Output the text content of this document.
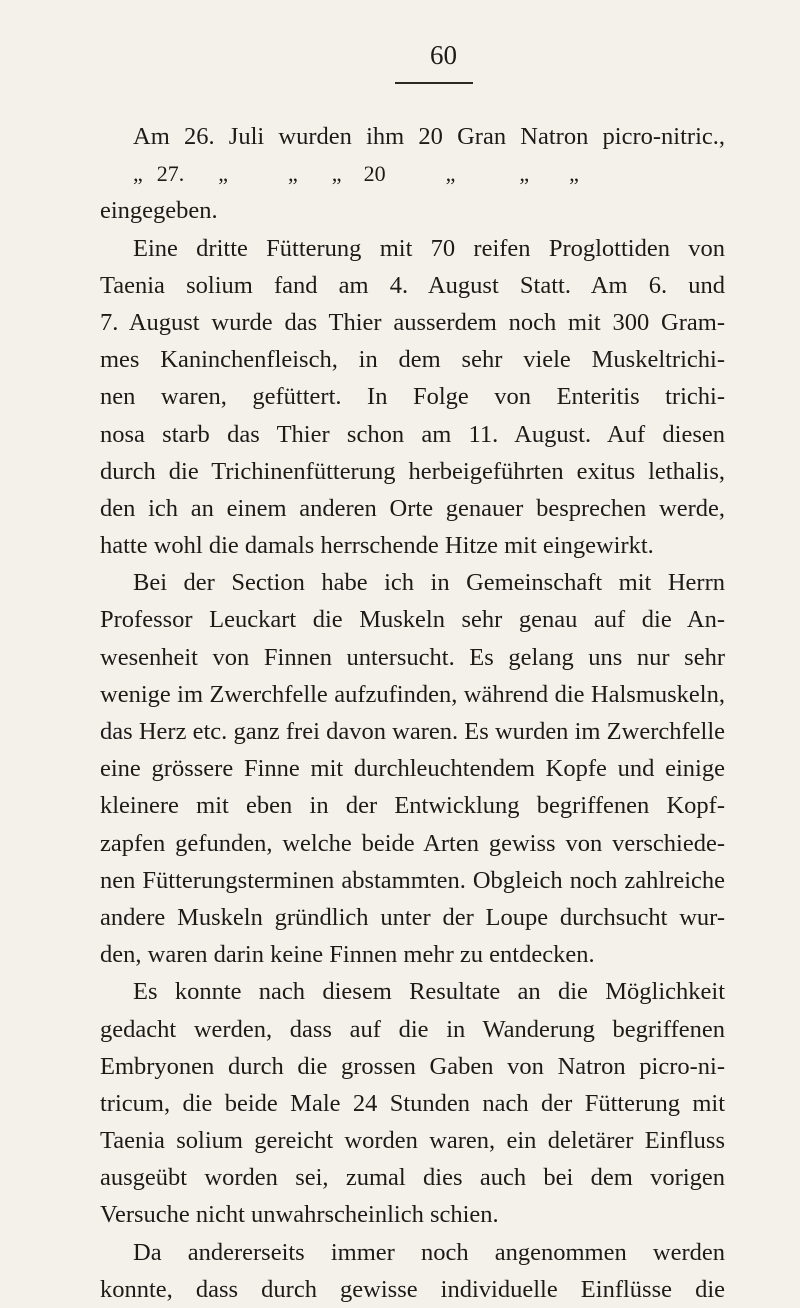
60
Am 26. Juli wurden ihm 20 Gran Natron picro-nitric.,
„ 27. „	„ „ 20	„	„ „
eingegeben.
Eine dritte Fütterung mit 70 reifen Proglottiden von
Taenia solium fand am 4. August Statt. Am 6. und
7. August wurde das Thier ausserdem noch mit 300 Gram-
mes Kaninchenfleisch, in dem sehr viele Muskeltrichi-
nen waren, gefüttert. In Folge von Enteritis trichi-
nosa starb das Thier schon am 11. August. Auf diesen
durch die Trichinenfütterung herbeigeführten exitus lethalis,
den ich an einem anderen Orte genauer besprechen werde,
hatte wohl die damals herrschende Hitze mit eingewirkt.
Bei der Section habe ich in Gemeinschaft mit Herrn
Professor Leuckart die Muskeln sehr genau auf die An-
wesenheit von Finnen untersucht. Es gelang uns nur sehr
wenige im Zwerchfelle aufzufinden, während die Halsmuskeln,
das Herz etc. ganz frei davon waren. Es wurden im Zwerchfelle
eine grössere Finne mit durchleuchtendem Kopfe und einige
kleinere mit eben in der Entwicklung begriffenen Kopf-
zapfen gefunden, welche beide Arten gewiss von verschiede-
nen Fütterungsterminen abstammten. Obgleich noch zahlreiche
andere Muskeln gründlich unter der Loupe durchsucht wur-
den, waren darin keine Finnen mehr zu entdecken.
Es konnte nach diesem Resultate an die Möglichkeit
gedacht werden, dass auf die in Wanderung begriffenen
Embryonen durch die grossen Gaben von Natron picro-ni-
tricum, die beide Male 24 Stunden nach der Fütterung mit
Taenia solium gereicht worden waren, ein deletärer Einfluss
ausgeübt worden sei, zumal dies auch bei dem vorigen
Versuche nicht unwahrscheinlich schien.
Da andererseits immer noch angenommen werden
konnte, dass durch gewisse individuelle Einflüsse die
